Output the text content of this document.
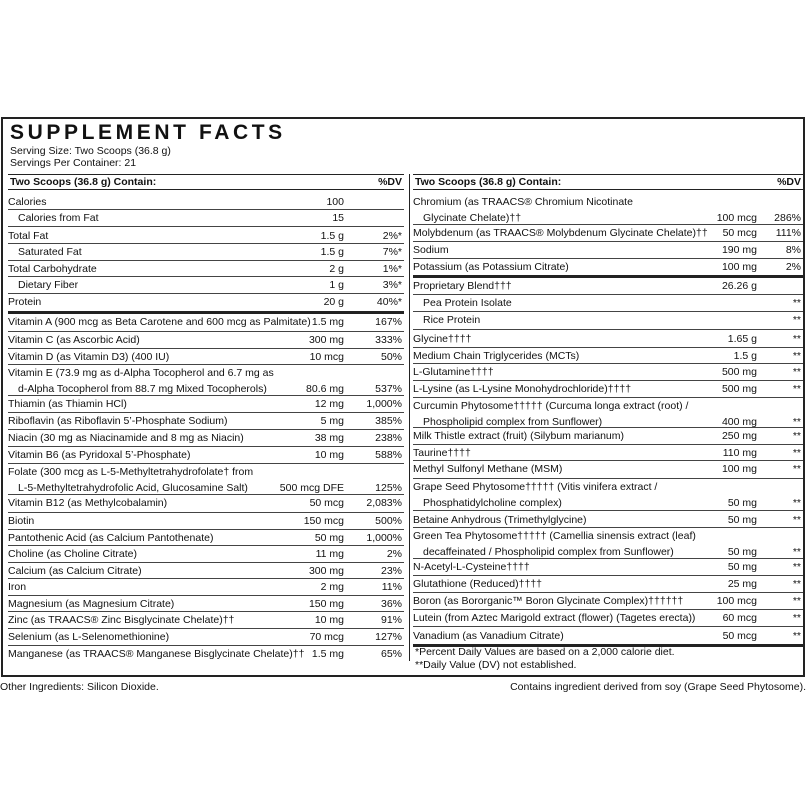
SUPPLEMENT FACTS
Serving Size: Two Scoops (36.8 g)
Servings Per Container: 21
Two Scoops (36.8 g) Contain:	%DV
Calories	100
Calories from Fat	15
Total Fat	1.5 g	2%*
Saturated Fat	1.5 g	7%*
Total Carbohydrate	2 g	1%*
Dietary Fiber	1 g	3%*
Protein	20 g	40%*
Vitamin A (900 mcg as Beta Carotene and 600 mcg as Palmitate) 1.5 mg	167%
Vitamin C (as Ascorbic Acid)	300 mg	333%
Vitamin D (as Vitamin D3) (400 IU)	10 mcg	50%
Vitamin E (73.9 mg as d-Alpha Tocopherol and 6.7 mg as
d-Alpha Tocopherol from 88.7 mg Mixed Tocopherols)	80.6 mg	537%
Thiamin (as Thiamin HCl)	12 mg 1,000%
Riboflavin (as Riboflavin 5’-Phosphate Sodium)	5 mg	385%
Niacin (30 mg as Niacinamide and 8 mg as Niacin)	38 mg	238%
Vitamin B6 (as Pyridoxal 5’-Phosphate)	10 mg	588%
Folate (300 mcg as L-5-Methyltetrahydrofolate† from
L-5-Methyltetrahydrofolic Acid, Glucosamine Salt)	500 mcg DFE	125%
Vitamin B12 (as Methylcobalamin)	50 mcg 2,083%
Biotin	150 mcg	500%
Pantothenic Acid (as Calcium Pantothenate)	50 mg 1,000%
Choline (as Choline Citrate)	11 mg	2%
Calcium (as Calcium Citrate)	300 mg	23%
Iron	2 mg	11%
Magnesium (as Magnesium Citrate)	150 mg	36%
Zinc (as TRAACS® Zinc Bisglycinate Chelate)††	10 mg	91%
Selenium (as L-Selenomethionine)	70 mcg	127%
Manganese (as TRAACS® Manganese Bisglycinate Chelate)†† 1.5 mg	65%
Two Scoops (36.8 g) Contain:	%DV
Chromium (as TRAACS® Chromium Nicotinate
Glycinate Chelate)††	100 mcg 286%
Molybdenum (as TRAACS® Molybdenum Glycinate Chelate)†† 50 mcg 111%
Sodium	190 mg	8%
Potassium (as Potassium Citrate)	100 mg	2%
Proprietary Blend†††	26.26 g
Pea Protein Isolate	**
Rice Protein	**
Glycine††††	1.65 g	**
Medium Chain Triglycerides (MCTs)	1.5 g	**
L-Glutamine††††	500 mg	**
L-Lysine (as L-Lysine Monohydrochloride)††††	500 mg	**
Curcumin Phytosome††††† (Curcuma longa extract (root) /
Phospholipid complex from Sunflower)	400 mg	**
Milk Thistle extract (fruit) (Silybum marianum)	250 mg	**
Taurine††††	110 mg	**
Methyl Sulfonyl Methane (MSM)	100 mg	**
Grape Seed Phytosome††††† (Vitis vinifera extract /
Phosphatidylcholine complex)	50 mg	**
Betaine Anhydrous (Trimethylglycine)	50 mg	**
Green Tea Phytosome††††† (Camellia sinensis extract (leaf)
decaffeinated / Phospholipid complex from Sunflower)	50 mg	**
N-Acetyl-L-Cysteine††††	50 mg	**
Glutathione (Reduced)††††	25 mg	**
Boron (as Bororganic™ Boron Glycinate Complex)††††††	100 mcg	**
Lutein (from Aztec Marigold extract (flower) (Tagetes erecta))	60 mcg	**
Vanadium (as Vanadium Citrate)	50 mcg	**
*Percent Daily Values are based on a 2,000 calorie diet.
**Daily Value (DV) not established.
Other Ingredients: Silicon Dioxide.	Contains ingredient derived from soy (Grape Seed Phytosome).
